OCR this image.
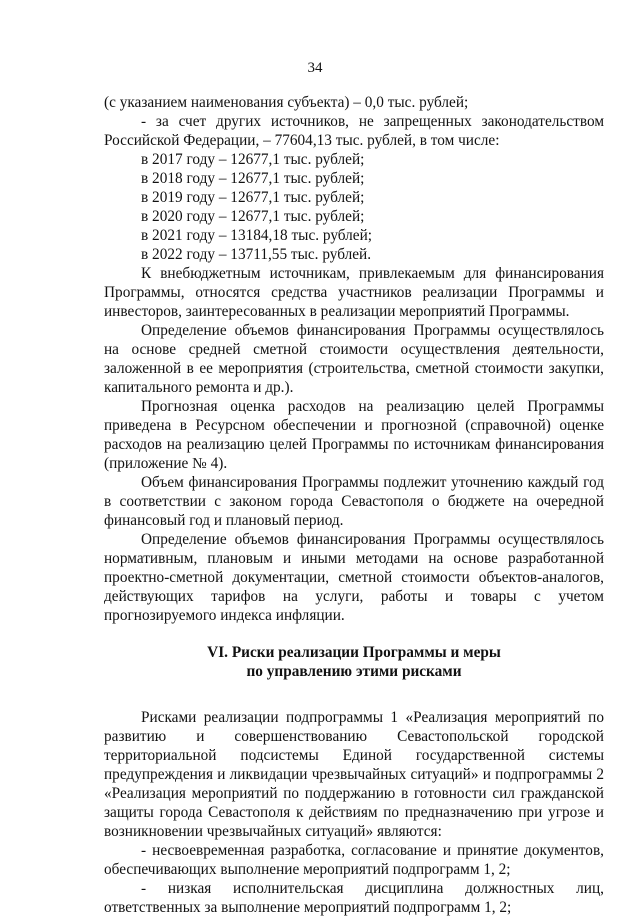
34

(с указанием наименования субъекта) – 0,0 тыс. рублей;

- за счет других источников, не запрещенных законодательством Российской Федерации, – 77604,13 тыс. рублей, в том числе:

в 2017 году – 12677,1 тыс. рублей;

в 2018 году – 12677,1 тыс. рублей;

в 2019 году – 12677,1 тыс. рублей;

в 2020 году – 12677,1 тыс. рублей;

в 2021 году – 13184,18 тыс. рублей;

в 2022 году – 13711,55 тыс. рублей.

К внебюджетным источникам, привлекаемым для финансирования Программы, относятся средства участников реализации Программы и инвесторов, заинтересованных в реализации мероприятий Программы.

Определение объемов финансирования Программы осуществлялось на основе средней сметной стоимости осуществления деятельности, заложенной в ее мероприятия (строительства, сметной стоимости закупки, капитального ремонта и др.).

Прогнозная оценка расходов на реализацию целей Программы приведена в Ресурсном обеспечении и прогнозной (справочной) оценке расходов на реализацию целей Программы по источникам финансирования (приложение № 4).

Объем финансирования Программы подлежит уточнению каждый год в соответствии с законом города Севастополя о бюджете на очередной финансовый год и плановый период.

Определение объемов финансирования Программы осуществлялось нормативным, плановым и иными методами на основе разработанной проектно-сметной документации, сметной стоимости объектов-аналогов, действующих тарифов на услуги, работы и товары с учетом прогнозируемого индекса инфляции.

VI. Риски реализации Программы и меры
по управлению этими рисками

Рисками реализации подпрограммы 1 «Реализация мероприятий по развитию и совершенствованию Севастопольской городской территориальной подсистемы Единой государственной системы предупреждения и ликвидации чрезвычайных ситуаций» и подпрограммы 2 «Реализация мероприятий по поддержанию в готовности сил гражданской защиты города Севастополя к действиям по предназначению при угрозе и возникновении чрезвычайных ситуаций» являются:

- несвоевременная разработка, согласование и принятие документов, обеспечивающих выполнение мероприятий подпрограмм 1, 2;

- низкая исполнительская дисциплина должностных лиц, ответственных за выполнение мероприятий подпрограмм 1, 2;
